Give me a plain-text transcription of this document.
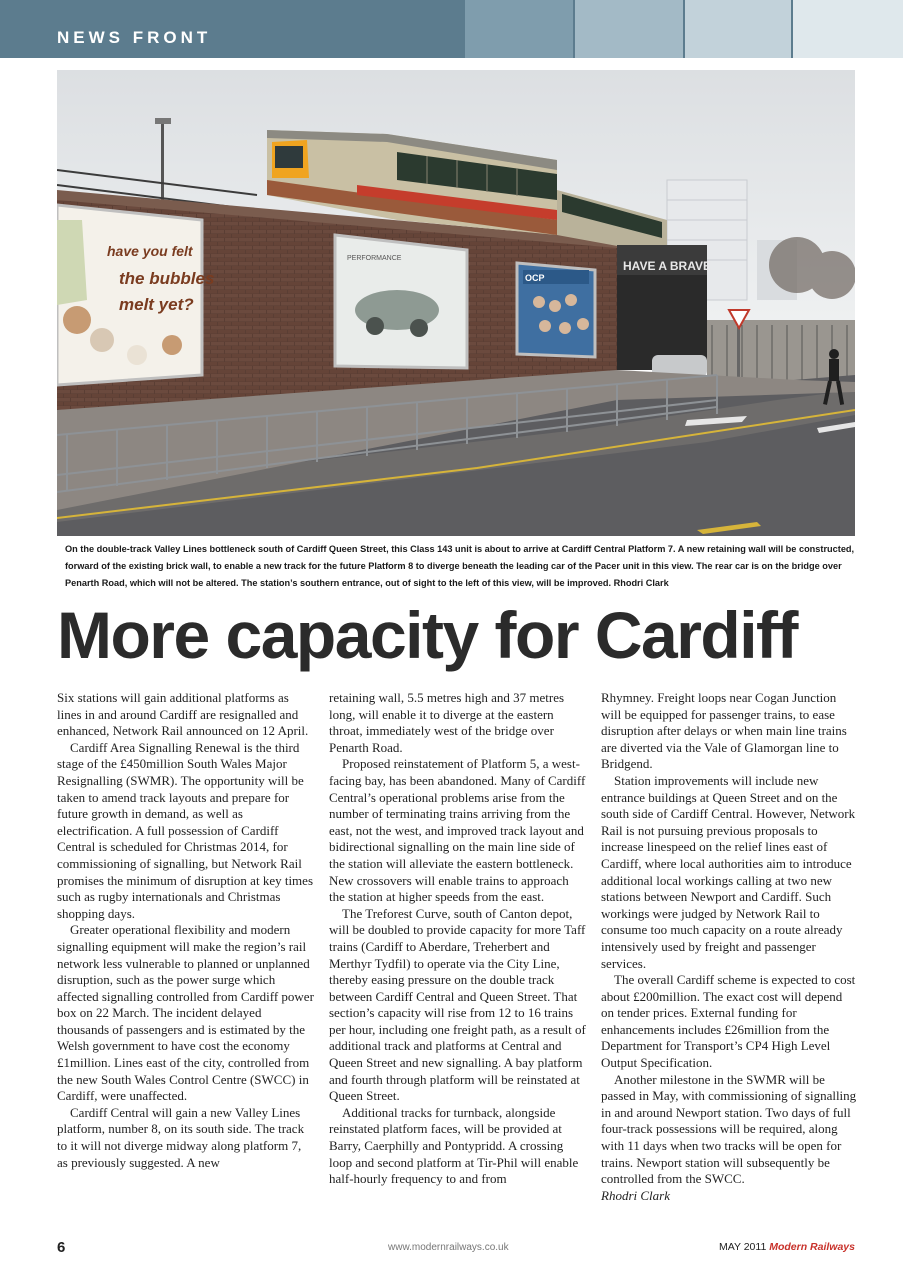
NEWS FRONT
HAVE A BRAVE
have you felt
the bubbles
melt yet?
PERFORMANCE
OCP
On the double-track Valley Lines bottleneck south of Cardiff Queen Street, this Class 143 unit is about to arrive at Cardiff Central Platform 7. A new retaining wall will be constructed, forward of the existing brick wall, to enable a new track for the future Platform 8 to diverge beneath the leading car of the Pacer unit in this view. The rear car is on the bridge over Penarth Road, which will not be altered. The station’s southern entrance, out of sight to the left of this view, will be improved. Rhodri Clark
More capacity for Cardiff

Six stations will gain additional platforms as lines in and around Cardiff are resignalled and enhanced, Network Rail announced on 12 April.

Cardiff Area Signalling Renewal is the third stage of the £450million South Wales Major Resignalling (SWMR). The opportunity will be taken to amend track layouts and prepare for future growth in demand, as well as electrification. A full possession of Cardiff Central is scheduled for Christmas 2014, for commissioning of signalling, but Network Rail promises the minimum of disruption at key times such as rugby internationals and Christmas shopping days.

Greater operational flexibility and modern signalling equipment will make the region’s rail network less vulnerable to planned or unplanned disruption, such as the power surge which affected signalling controlled from Cardiff power box on 22 March. The incident delayed thousands of passengers and is estimated by the Welsh government to have cost the economy £1million. Lines east of the city, controlled from the new South Wales Control Centre (SWCC) in Cardiff, were unaffected.

Cardiff Central will gain a new Valley Lines platform, number 8, on its south side. The track to it will not diverge midway along platform 7, as previously suggested. A new

retaining wall, 5.5 metres high and 37 metres long, will enable it to diverge at the eastern throat, immediately west of the bridge over Penarth Road.

Proposed reinstatement of Platform 5, a west-facing bay, has been abandoned. Many of Cardiff Central’s operational problems arise from the number of terminating trains arriving from the east, not the west, and improved track layout and bidirectional signalling on the main line side of the station will alleviate the eastern bottleneck. New crossovers will enable trains to approach the station at higher speeds from the east.

The Treforest Curve, south of Canton depot, will be doubled to provide capacity for more Taff trains (Cardiff to Aberdare, Treherbert and Merthyr Tydfil) to operate via the City Line, thereby easing pressure on the double track between Cardiff Central and Queen Street. That section’s capacity will rise from 12 to 16 trains per hour, including one freight path, as a result of additional track and platforms at Central and Queen Street and new signalling. A bay platform and fourth through platform will be reinstated at Queen Street.

Additional tracks for turnback, alongside reinstated platform faces, will be provided at Barry, Caerphilly and Pontypridd. A crossing loop and second platform at Tir-Phil will enable half-hourly frequency to and from

Rhymney. Freight loops near Cogan Junction will be equipped for passenger trains, to ease disruption after delays or when main line trains are diverted via the Vale of Glamorgan line to Bridgend.

Station improvements will include new entrance buildings at Queen Street and on the south side of Cardiff Central. However, Network Rail is not pursuing previous proposals to increase linespeed on the relief lines east of Cardiff, where local authorities aim to introduce additional local workings calling at two new stations between Newport and Cardiff. Such workings were judged by Network Rail to consume too much capacity on a route already intensively used by freight and passenger services.

The overall Cardiff scheme is expected to cost about £200million. The exact cost will depend on tender prices. External funding for enhancements includes £26million from the Department for Transport’s CP4 High Level Output Specification.

Another milestone in the SWMR will be passed in May, with commissioning of signalling in and around Newport station. Two days of full four-track possessions will be required, along with 11 days when two tracks will be open for trains. Newport station will subsequently be controlled from the SWCC.

Rhodri Clark

6	www.modernrailways.co.uk	MAY 2011 Modern Railways
